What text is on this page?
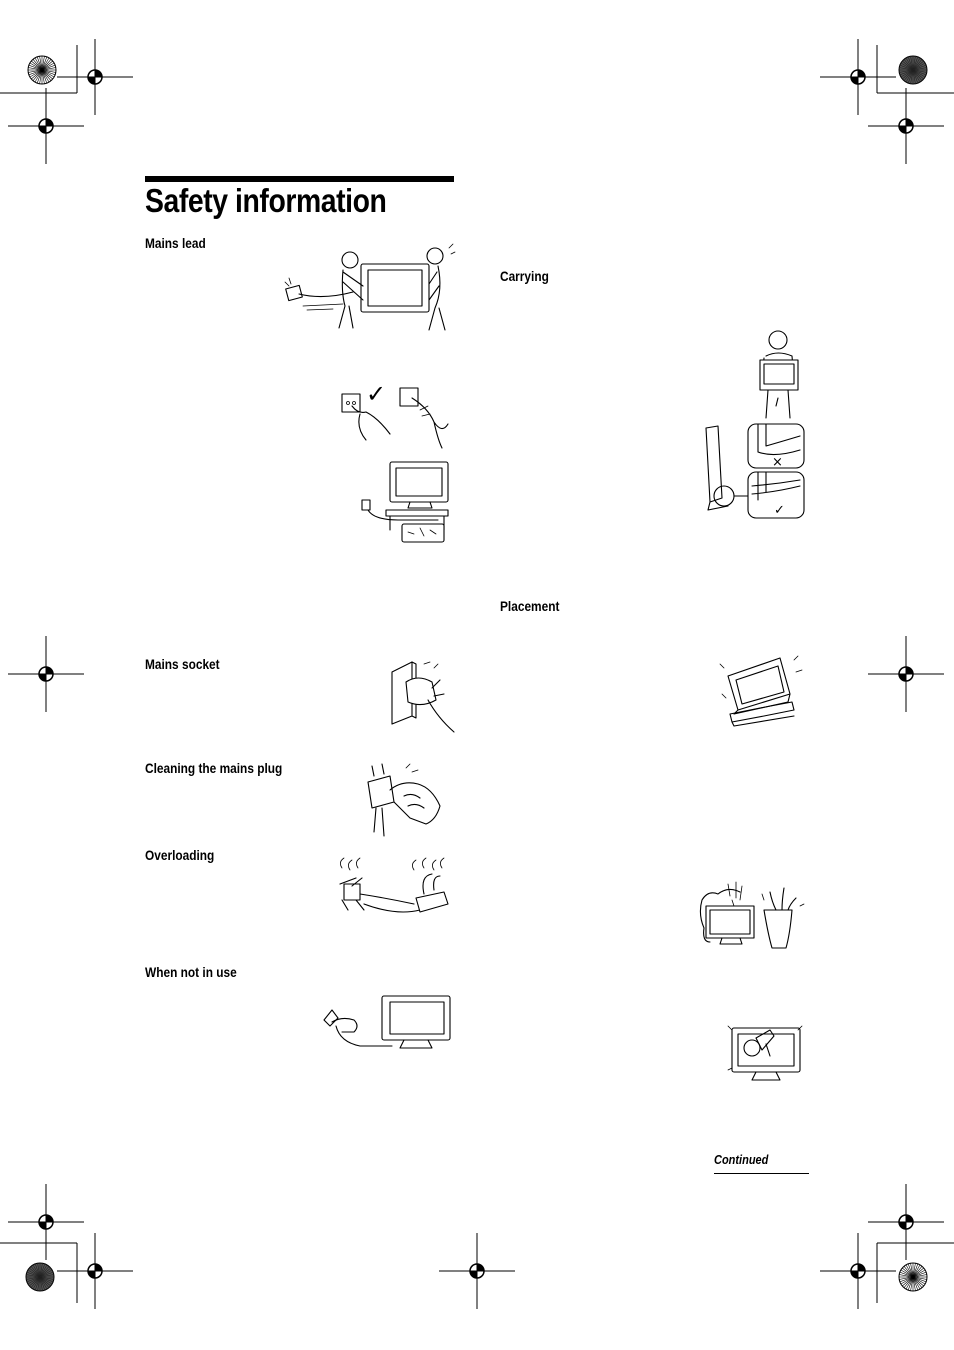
Safety information
Mains lead
Mains socket
Cleaning the mains plug
Overloading
When not in use
Carrying
Placement
Continued
✓
×
✓
